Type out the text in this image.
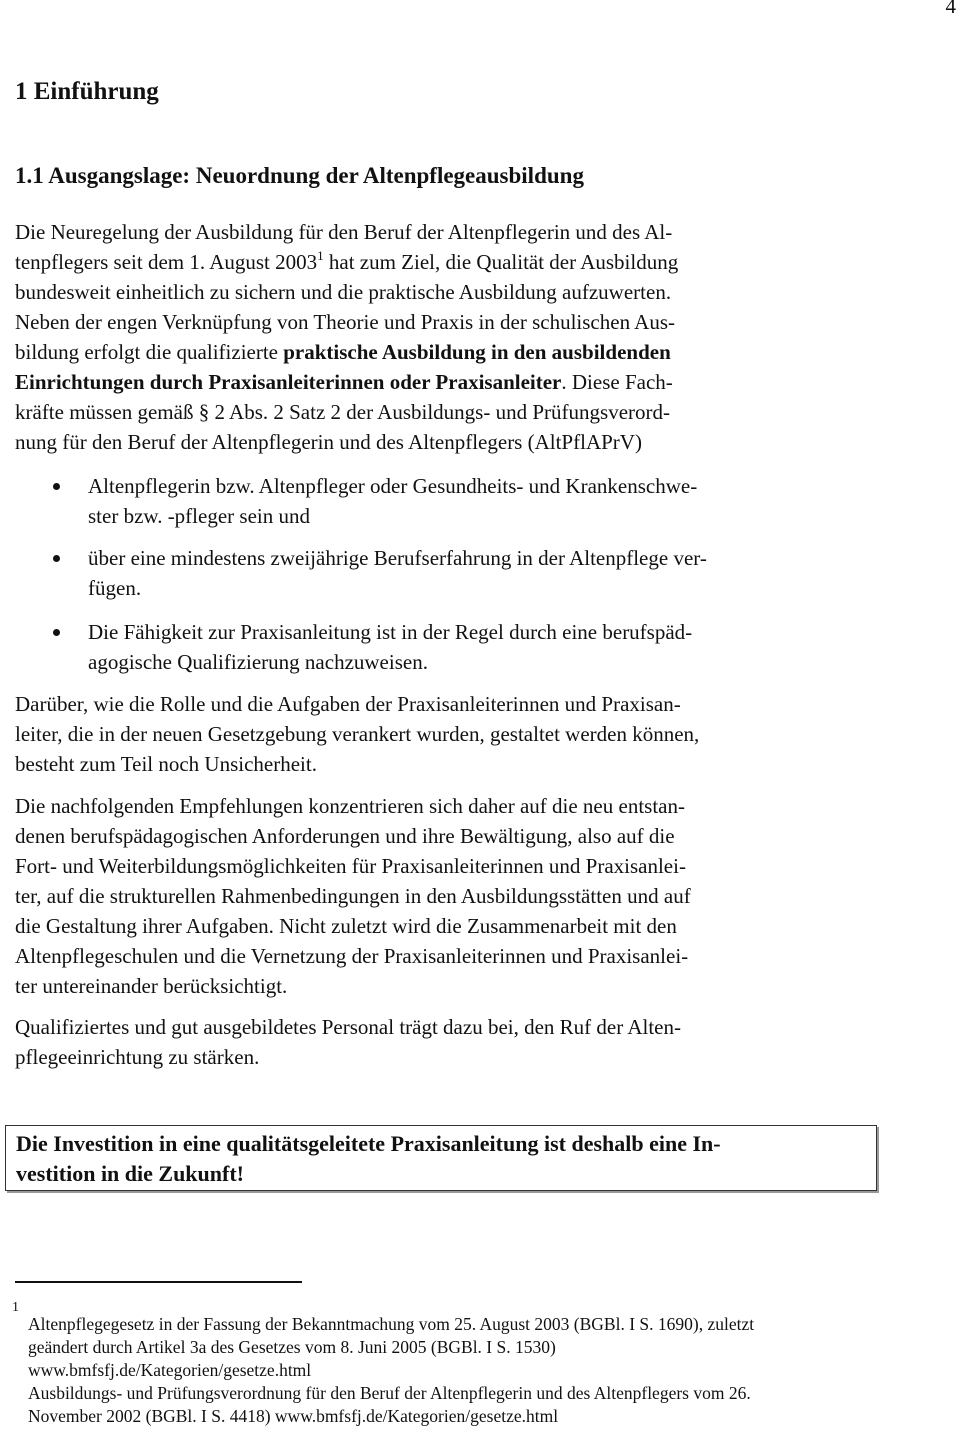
4
1 Einführung
1.1 Ausgangslage: Neuordnung der Altenpflegeausbildung
Die Neuregelung der Ausbildung für den Beruf der Altenpflegerin und des Al-
tenpflegers seit dem 1. August 2003$^1$ hat zum Ziel, die Qualität der Ausbildung
bundesweit einheitlich zu sichern und die praktische Ausbildung aufzuwerten.
Neben der engen Verknüpfung von Theorie und Praxis in der schulischen Aus-
bildung erfolgt die qualifizierte praktische Ausbildung in den ausbildenden
Einrichtungen durch Praxisanleiterinnen oder Praxisanleiter. Diese Fach-
kräfte müssen gemäß § 2 Abs. 2 Satz 2 der Ausbildungs- und Prüfungsverord-
nung für den Beruf der Altenpflegerin und des Altenpflegers (AltPflAPrV)
Altenpflegerin bzw. Altenpfleger oder Gesundheits- und Krankenschwe-
ster bzw. -pfleger sein und
über eine mindestens zweijährige Berufserfahrung in der Altenpflege ver-
fügen.
Die Fähigkeit zur Praxisanleitung ist in der Regel durch eine berufspäd-
agogische Qualifizierung nachzuweisen.
Darüber, wie die Rolle und die Aufgaben der Praxisanleiterinnen und Praxisan-
leiter, die in der neuen Gesetzgebung verankert wurden, gestaltet werden können,
besteht zum Teil noch Unsicherheit.
Die nachfolgenden Empfehlungen konzentrieren sich daher auf die neu entstan-
denen berufspädagogischen Anforderungen und ihre Bewältigung, also auf die
Fort- und Weiterbildungsmöglichkeiten für Praxisanleiterinnen und Praxisanlei-
ter, auf die strukturellen Rahmenbedingungen in den Ausbildungsstätten und auf
die Gestaltung ihrer Aufgaben. Nicht zuletzt wird die Zusammenarbeit mit den
Altenpflegeschulen und die Vernetzung der Praxisanleiterinnen und Praxisanlei-
ter untereinander berücksichtigt.
Qualifiziertes und gut ausgebildetes Personal trägt dazu bei, den Ruf der Alten-
pflegeeinrichtung zu stärken.
Die Investition in eine qualitätsgeleitete Praxisanleitung ist deshalb eine In-
vestition in die Zukunft!
1
Altenpflegegesetz in der Fassung der Bekanntmachung vom 25. August 2003 (BGBl. I S. 1690), zuletzt
geändert durch Artikel 3a des Gesetzes vom 8. Juni 2005 (BGBl. I S. 1530)
www.bmfsfj.de/Kategorien/gesetze.html
Ausbildungs- und Prüfungsverordnung für den Beruf der Altenpflegerin und des Altenpflegers vom 26.
November 2002 (BGBl. I S. 4418) www.bmfsfj.de/Kategorien/gesetze.html
